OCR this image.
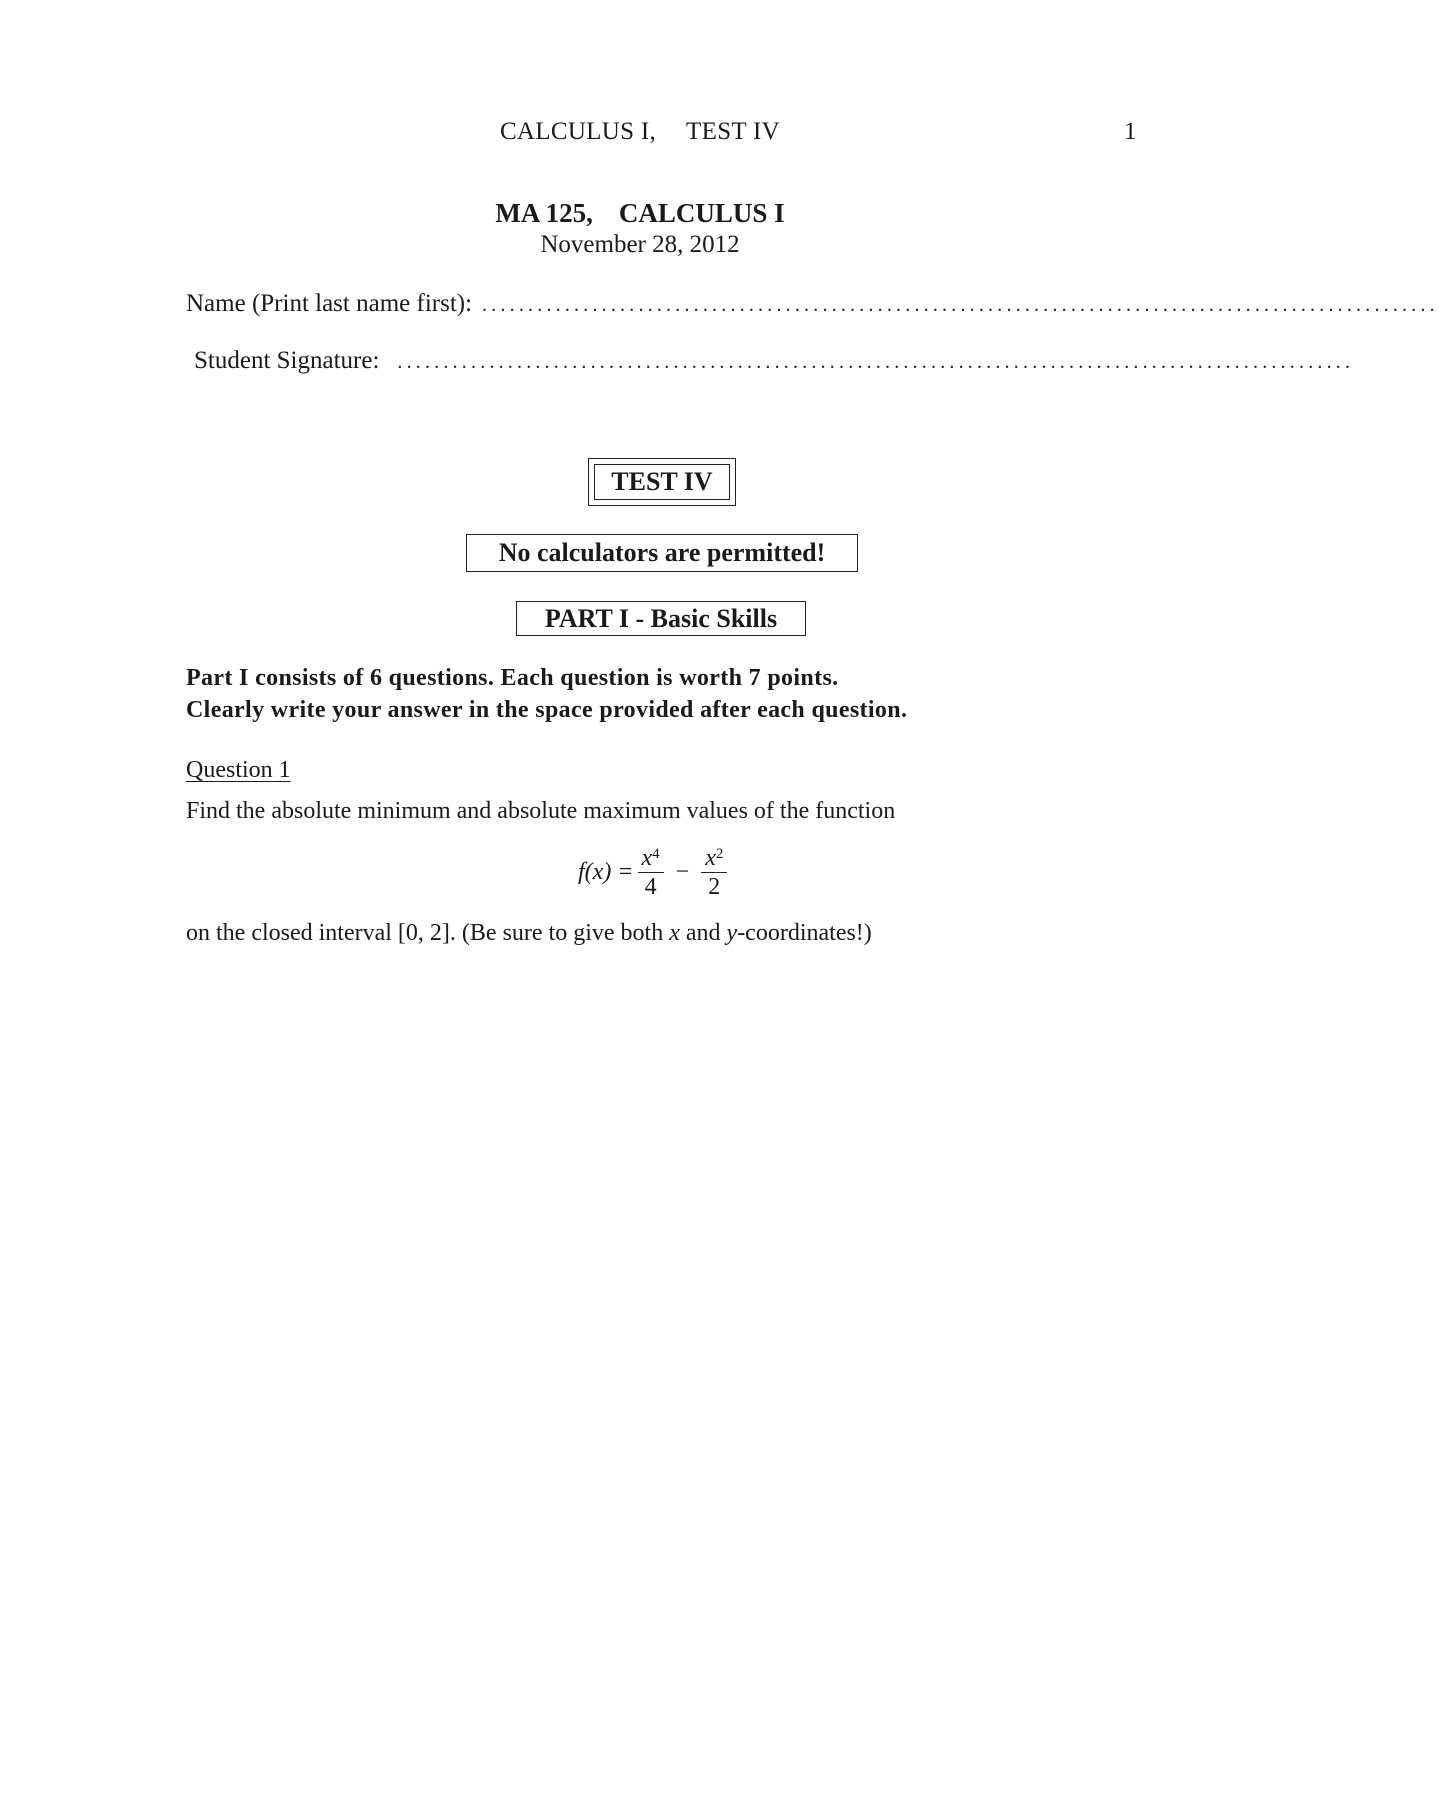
CALCULUS I, TEST IV	1
MA 125, CALCULUS I
November 28, 2012
Name (Print last name first): ........................................................................................................
Student Signature: ........................................................................................................
TEST IV
No calculators are permitted!
PART I - Basic Skills
Part I consists of 6 questions. Each question is worth 7 points.
Clearly write your answer in the space provided after each question.
Question 1
Find the absolute minimum and absolute maximum values of the function
$f(x) = \frac{x^4}{4} - \frac{x^2}{2}$
on the closed interval [0, 2]. (Be sure to give both x and y-coordinates!)
